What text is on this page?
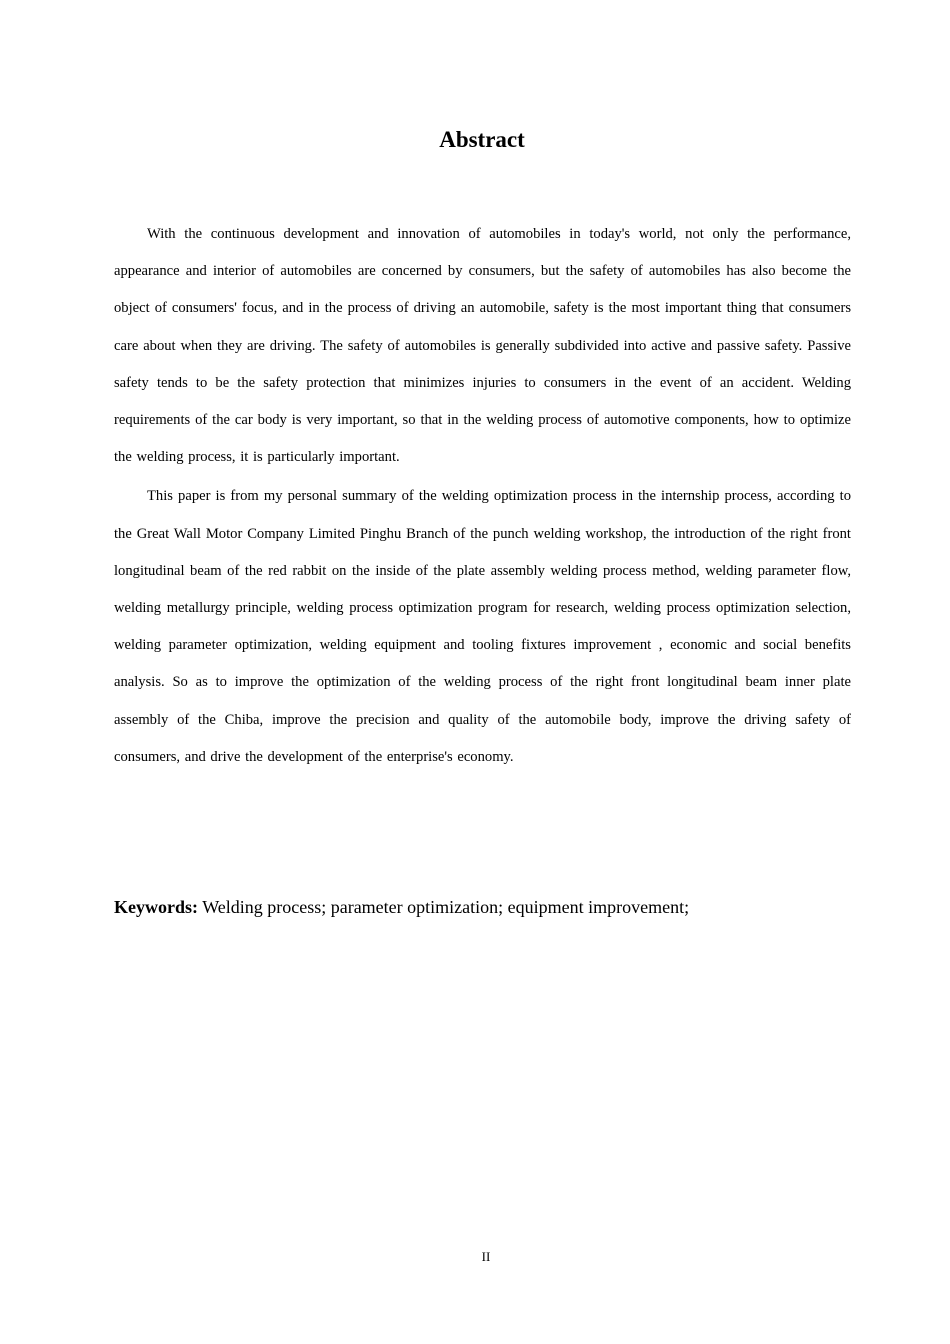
Abstract

With the continuous development and innovation of automobiles in today's world, not only the performance, appearance and interior of automobiles are concerned by consumers, but the safety of automobiles has also become the object of consumers' focus, and in the process of driving an automobile, safety is the most important thing that consumers care about when they are driving. The safety of automobiles is generally subdivided into active and passive safety. Passive safety tends to be the safety protection that minimizes injuries to consumers in the event of an accident. Welding requirements of the car body is very important, so that in the welding process of automotive components, how to optimize the welding process, it is particularly important.

This paper is from my personal summary of the welding optimization process in the internship process, according to the Great Wall Motor Company Limited Pinghu Branch of the punch welding workshop, the introduction of the right front longitudinal beam of the red rabbit on the inside of the plate assembly welding process method, welding parameter flow, welding metallurgy principle, welding process optimization program for research, welding process optimization selection, welding parameter optimization, welding equipment and tooling fixtures improvement , economic and social benefits analysis. So as to improve the optimization of the welding process of the right front longitudinal beam inner plate assembly of the Chiba, improve the precision and quality of the automobile body, improve the driving safety of consumers, and drive the development of the enterprise's economy.

Keywords: Welding process; parameter optimization; equipment improvement;

II
